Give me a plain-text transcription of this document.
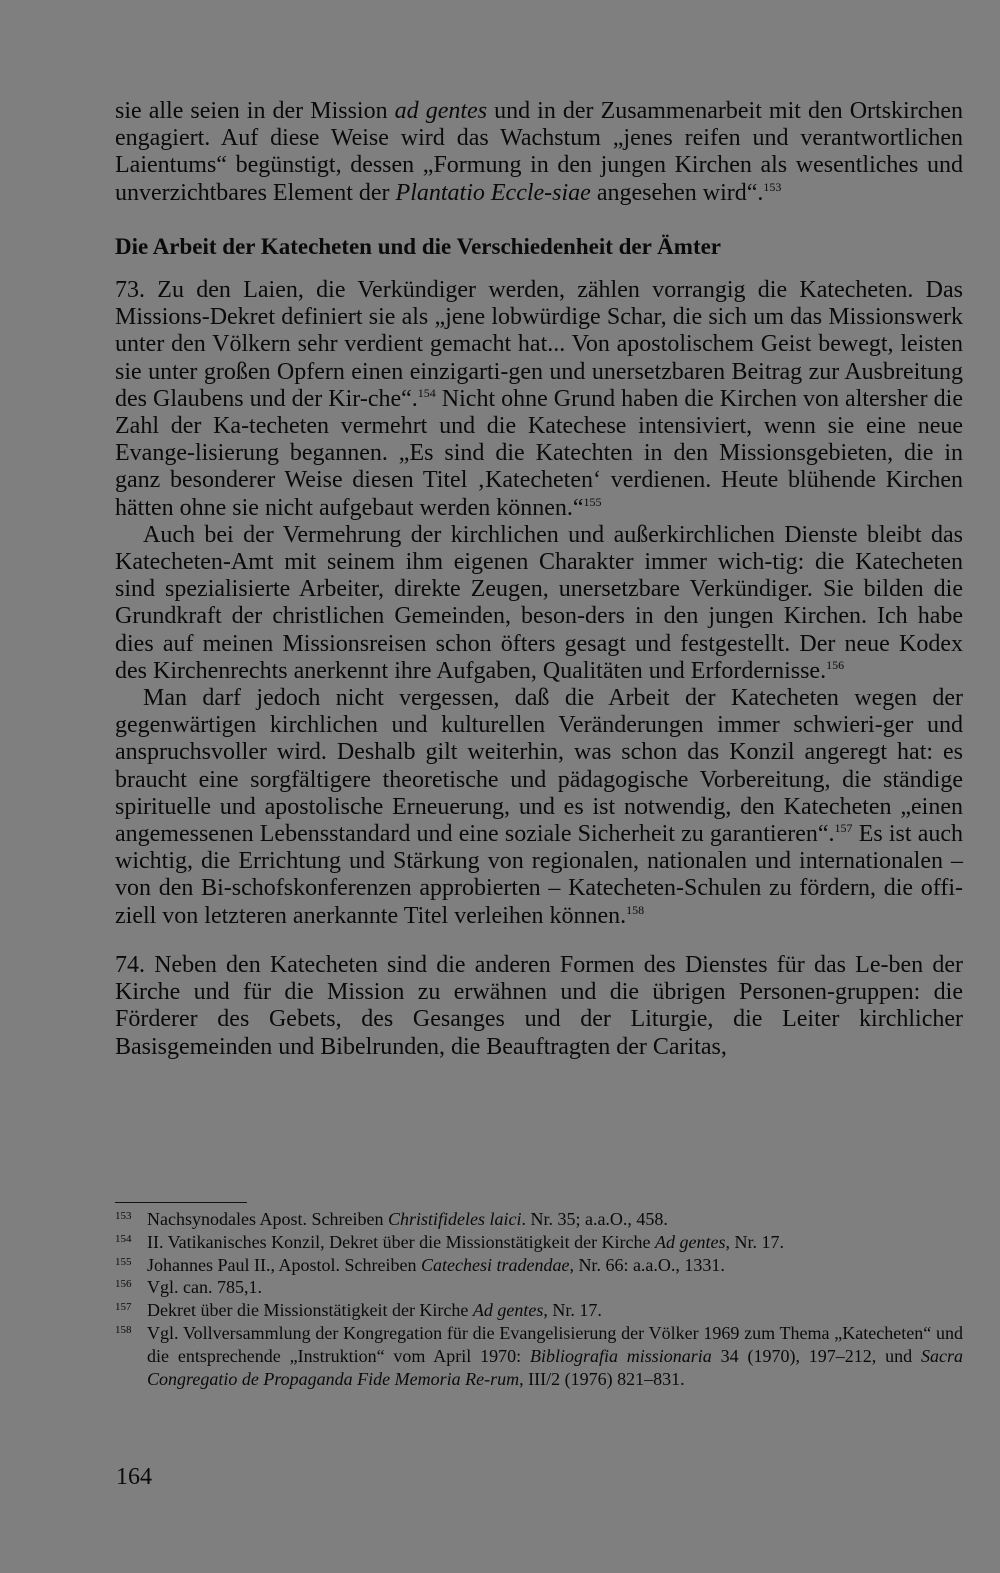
sie alle seien in der Mission ad gentes und in der Zusammenarbeit mit den Ortskirchen engagiert. Auf diese Weise wird das Wachstum „jenes reifen und verantwortlichen Laientums“ begünstigt, dessen „Formung in den jungen Kirchen als wesentliches und unverzichtbares Element der Plantatio Eccle-siae angesehen wird“.$^{153}$

Die Arbeit der Katecheten und die Verschiedenheit der Ämter

73. Zu den Laien, die Verkündiger werden, zählen vorrangig die Katecheten. Das Missions-Dekret definiert sie als „jene lobwürdige Schar, die sich um das Missionswerk unter den Völkern sehr verdient gemacht hat... Von apostolischem Geist bewegt, leisten sie unter großen Opfern einen einzigarti-gen und unersetzbaren Beitrag zur Ausbreitung des Glaubens und der Kir-che“.$^{154}$ Nicht ohne Grund haben die Kirchen von altersher die Zahl der Ka-techeten vermehrt und die Katechese intensiviert, wenn sie eine neue Evange-lisierung begannen. „Es sind die Katechten in den Missionsgebieten, die in ganz besonderer Weise diesen Titel ‚Katecheten‘ verdienen. Heute blühende Kirchen hätten ohne sie nicht aufgebaut werden können.“$^{155}$

Auch bei der Vermehrung der kirchlichen und außerkirchlichen Dienste bleibt das Katecheten-Amt mit seinem ihm eigenen Charakter immer wich-tig: die Katecheten sind spezialisierte Arbeiter, direkte Zeugen, unersetzbare Verkündiger. Sie bilden die Grundkraft der christlichen Gemeinden, beson-ders in den jungen Kirchen. Ich habe dies auf meinen Missionsreisen schon öfters gesagt und festgestellt. Der neue Kodex des Kirchenrechts anerkennt ihre Aufgaben, Qualitäten und Erfordernisse.$^{156}$

Man darf jedoch nicht vergessen, daß die Arbeit der Katecheten wegen der gegenwärtigen kirchlichen und kulturellen Veränderungen immer schwieri-ger und anspruchsvoller wird. Deshalb gilt weiterhin, was schon das Konzil angeregt hat: es braucht eine sorgfältigere theoretische und pädagogische Vorbereitung, die ständige spirituelle und apostolische Erneuerung, und es ist notwendig, den Katecheten „einen angemessenen Lebensstandard und eine soziale Sicherheit zu garantieren“.$^{157}$ Es ist auch wichtig, die Errichtung und Stärkung von regionalen, nationalen und internationalen – von den Bi-schofskonferenzen approbierten – Katecheten-Schulen zu fördern, die offi-ziell von letzteren anerkannte Titel verleihen können.$^{158}$

74. Neben den Katecheten sind die anderen Formen des Dienstes für das Le-ben der Kirche und für die Mission zu erwähnen und die übrigen Personen-gruppen: die Förderer des Gebets, des Gesanges und der Liturgie, die Leiter kirchlicher Basisgemeinden und Bibelrunden, die Beauftragten der Caritas,

153 Nachsynodales Apost. Schreiben Christifideles laici. Nr. 35; a.a.O., 458.
154 II. Vatikanisches Konzil, Dekret über die Missionstätigkeit der Kirche Ad gentes, Nr. 17.
155 Johannes Paul II., Apostol. Schreiben Catechesi tradendae, Nr. 66: a.a.O., 1331.
156 Vgl. can. 785,1.
157 Dekret über die Missionstätigkeit der Kirche Ad gentes, Nr. 17.
158 Vgl. Vollversammlung der Kongregation für die Evangelisierung der Völker 1969 zum Thema „Katecheten“ und die entsprechende „Instruktion“ vom April 1970: Bibliografia missionaria 34 (1970), 197–212, und Sacra Congregatio de Propaganda Fide Memoria Re-rum, III/2 (1976) 821–831.
164
